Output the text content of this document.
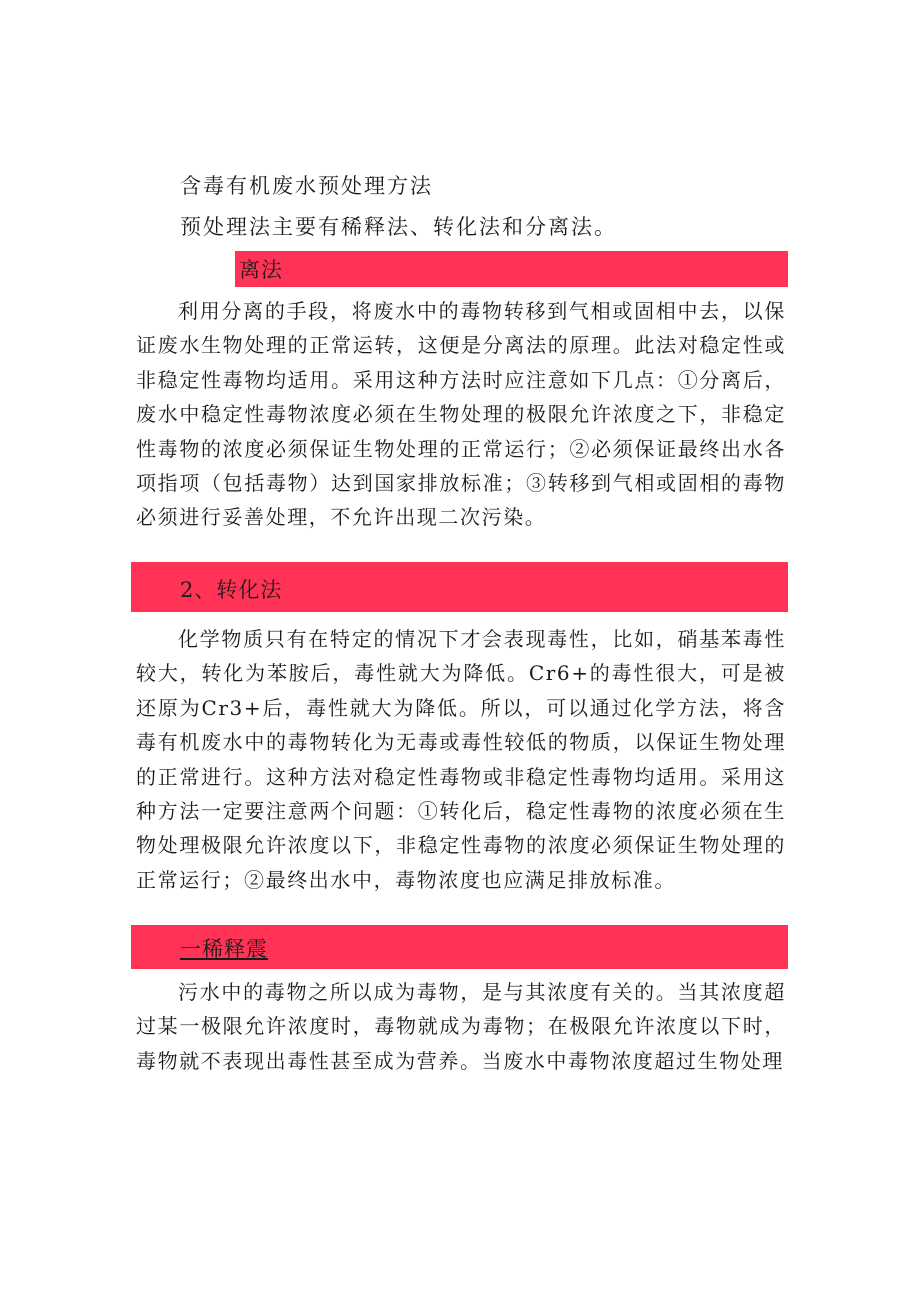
含毒有机废水预处理方法
预处理法主要有稀释法、转化法和分离法。
离法

利用分离的手段，将废水中的毒物转移到气相或固相中去，以保证废水生物处理的正常运转，这便是分离法的原理。此法对稳定性或非稳定性毒物均适用。采用这种方法时应注意如下几点：①分离后，废水中稳定性毒物浓度必须在生物处理的极限允许浓度之下，非稳定性毒物的浓度必须保证生物处理的正常运行；②必须保证最终出水各项指项（包括毒物）达到国家排放标准；③转移到气相或固相的毒物必须进行妥善处理，不允许出现二次污染。

2、转化法

化学物质只有在特定的情况下才会表现毒性，比如，硝基苯毒性较大，转化为苯胺后，毒性就大为降低。Cr6+的毒性很大，可是被还原为Cr3+后，毒性就大为降低。所以，可以通过化学方法，将含毒有机废水中的毒物转化为无毒或毒性较低的物质，以保证生物处理的正常进行。这种方法对稳定性毒物或非稳定性毒物均适用。采用这种方法一定要注意两个问题：①转化后，稳定性毒物的浓度必须在生物处理极限允许浓度以下，非稳定性毒物的浓度必须保证生物处理的正常运行；②最终出水中，毒物浓度也应满足排放标准。

一稀释震

污水中的毒物之所以成为毒物，是与其浓度有关的。当其浓度超过某一极限允许浓度时，毒物就成为毒物；在极限允许浓度以下时，毒物就不表现出毒性甚至成为营养。当废水中毒物浓度超过生物处理
